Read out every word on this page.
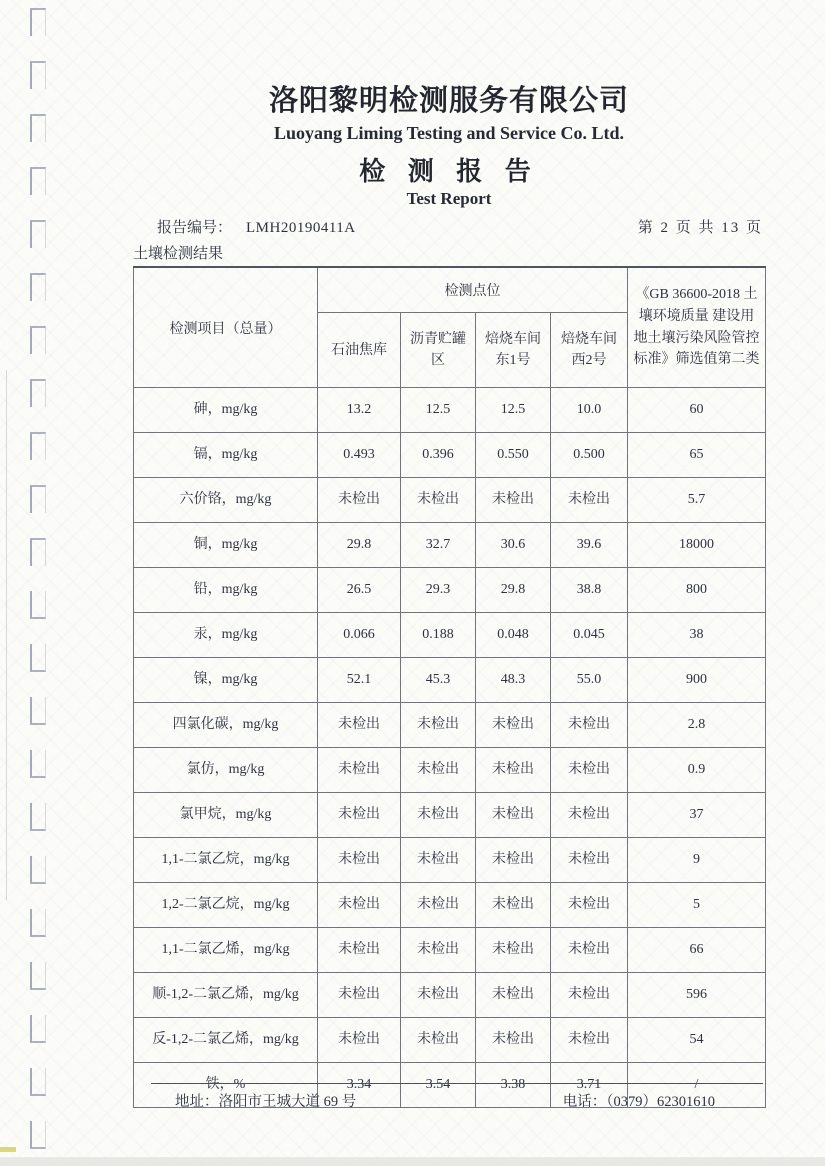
洛阳黎明检测服务有限公司
Luoyang Liming Testing and Service Co. Ltd.
检 测 报 告
Test Report
报告编号： LMH20190411A	第 2 页 共 13 页
土壤检测结果
检测项目（总量）	检测点位				《GB 36600-2018 土壤环境质量 建设用地土壤污染风险管控标准》筛选值第二类
	石油焦库	沥青贮罐区	焙烧车间东1号	焙烧车间西2号	
砷，mg/kg	13.2	12.5	12.5	10.0	60
镉，mg/kg	0.493	0.396	0.550	0.500	65
六价铬，mg/kg	未检出	未检出	未检出	未检出	5.7
铜，mg/kg	29.8	32.7	30.6	39.6	18000
铅，mg/kg	26.5	29.3	29.8	38.8	800
汞，mg/kg	0.066	0.188	0.048	0.045	38
镍，mg/kg	52.1	45.3	48.3	55.0	900
四氯化碳，mg/kg	未检出	未检出	未检出	未检出	2.8
氯仿，mg/kg	未检出	未检出	未检出	未检出	0.9
氯甲烷，mg/kg	未检出	未检出	未检出	未检出	37
1,1-二氯乙烷，mg/kg	未检出	未检出	未检出	未检出	9
1,2-二氯乙烷，mg/kg	未检出	未检出	未检出	未检出	5
1,1-二氯乙烯，mg/kg	未检出	未检出	未检出	未检出	66
顺-1,2-二氯乙烯，mg/kg	未检出	未检出	未检出	未检出	596
反-1,2-二氯乙烯，mg/kg	未检出	未检出	未检出	未检出	54
铁，%	3.34	3.54	3.38	3.71	/
地址：洛阳市王城大道 69 号	电话：（0379）62301610
